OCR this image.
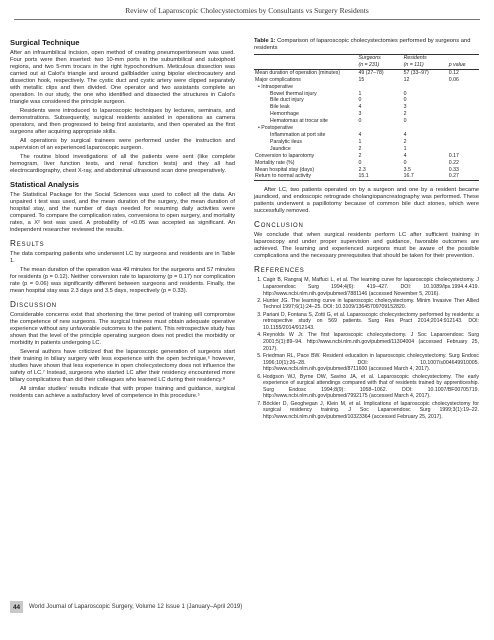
Review of Laparoscopic Cholecystectomies by Consultants vs Surgery Residents
Surgical Technique

After an infraumbilical incision, open method of creating pneumoperitoneum was used. Four ports were then inserted: two 10-mm ports in the subumbilical and subxiphoid regions, and two 5-mm trocars in the right hypochondrium. Meticulous dissection was carried out at Calot's triangle and around gallbladder using bipolar electrocautery and dissection hook, respectively. The cystic duct and cystic artery were clipped separately with metallic clips and then divided. One operator and two assistants complete an operation. In our study, the one who identified and dissected the structures in Calot's triangle was considered the principle surgeon.

Residents were introduced to laparoscopic techniques by lectures, seminars, and demonstrations. Subsequently, surgical residents assisted in operations as camera operators, and then progressed to being first assistants, and then operated as the first surgeons after acquiring appropriate skills.

All operations by surgical trainees were performed under the instruction and supervision of an experienced laparoscopic surgeon.

The routine blood investigations of all the patients were sent (like complete hemogram, liver function tests, and renal function tests) and they all had electrocardiography, chest X-ray, and abdominal ultrasound scan done preoperatively.

Statistical Analysis

The Statistical Package for the Social Sciences was used to collect all the data. An unpaired t test was used, and the mean duration of the surgery, the mean duration of hospital stay, and the number of days needed for resuming daily activities were compared. To compare the complication rates, conversions to open surgery, and mortality rates, a X² test was used. A probability of <0.05 was accepted as significant. An independent researcher reviewed the results.

Results

The data comparing patients who underwent LC by surgeons and residents are in Table 1.

The mean duration of the operation was 49 minutes for the surgeons and 57 minutes for residents (p = 0.12). Neither conversion rate to laparotomy (p = 0.17) nor complication rate (p = 0.06) was significantly different between surgeons and residents. Finally, the mean hospital stay was 2.3 days and 3.5 days, respectively (p = 0.33).

Discussion

Considerable concerns exist that shortening the time period of training will compromise the competence of new surgeons. The surgical trainees must obtain adequate operative experience without any unfavorable outcomes to the patient. This retrospective study has shown that the level of the principle operating surgeon does not predict the morbidity or morbidity in patients undergoing LC.

Several authors have criticized that the laparoscopic generation of surgeons start their training in biliary surgery with less experience with the open technique,⁶ however, studies have shown that less experience in open cholecystectomy does not influence the safety of LC.⁷ Instead, surgeons who started LC after their residency encountered more biliary complications than did their colleagues who learned LC during their residency.⁸

All similar studies' results indicate that with proper training and guidance, surgical residents can achieve a satisfactory level of competence in this procedure.⁵

Table 1: Comparison of laparoscopic cholecystectomies performed by surgeons and residents
	Surgeons	Residents	
	(n = 231)	(n = 111)	p value
Mean duration of operation (minutes)	49 (27–78)	57 (33–97)	0.12
Major complications	15	12	0.06
• Intraoperative			
Bowel thermal injury	1	0	
Bile duct injury	0	0	
Bile leak	4	3	
Hemorrhage	3	2	
Hematomas at trocar site	0	0	
• Postoperative			
Inflammation at port site	4	4	
Paralytic ileus	1	2	
Jaundice	2	1	
Conversion to laparotomy	2	4	0.17
Mortality rate (%)	0	0	0.22
Mean hospital stay (days)	2.3	3.5	0.33
Return to normal activity	15.1	16.7	0.27

After LC, two patients operated on by a surgeon and one by a resident became jaundiced, and endoscopic retrograde cholangiopancreatography was performed. These patients underwent a papillotomy because of common bile duct stones, which were successfully removed.

Conclusion

We conclude that when surgical residents perform LC after sufficient training in laparoscopy and under proper supervision and guidance, favorable outcomes are achieved. The learning and experienced surgeons must be aware of the possible complications and the necessary prerequisites that should be taken for their prevention.

References
1. Cagir B, Rangraj M, Maffuci L, et al. The learning curve for laparoscopic cholecystectomy. J Laparoendosc Surg 1994;4(6): 419–427. DOI: 10.1089/lps.1994.4.419. http://www.ncbi.nlm.nih.gov/pubmed/7881146 (accessed November 5, 2016).
2. Hunter JG. The learning curve in laparoscopic cholecystectomy. Minim Invasive Ther Allied Technol 1997;6(1):24–25. DOI: 10.3109/13645709709152820.
3. Pariani D, Fontana S, Zotti G, et al. Laparoscopic cholecystectomy performed by residents: a retrospective study on 569 patients. Surg Res Pract 2014;2014:912143. DOI: 10.1155/2014/912143.
4. Reynolds W Jr. The first laparoscopic cholecystectomy. J Soc Laparoendosc Surg 2001;5(1):89–94. http://www.ncbi.nlm.nih.gov/pubmed/11304004 (accessed February 25, 2017).
5. Friedman RL, Pace BW. Resident education in laparoscopic cholecystectomy. Surg Endosc 1996;10(1):26–28. DOI: 10.1007/s004649910005. http://www.ncbi.nlm.nih.gov/pubmed/8711600 (accessed March 4, 2017).
6. Hodgson WJ, Byrne DW, Savino JA, et al. Laparoscopic cholecystectomy. The early experience of surgical attendings compared with that of residents trained by apprenticeship. Surg Endosc 1994;8(9): 1058–1062. DOI: 10.1007/BF00705719. http://www.ncbi.nlm.nih.gov/pubmed/7992175 (accessed March 4, 2017).
7. Böckler D, Geoghegan J, Klein M, et al. Implications of laparoscopic cholecystectomy for surgical residency training. J Soc Laparoendosc Surg 1999;3(1):19–22. http://www.ncbi.nlm.nih.gov/pubmed/10323364 (accessed February 25, 2017).
44	World Journal of Laparoscopic Surgery, Volume 12 Issue 1 (January–April 2019)
